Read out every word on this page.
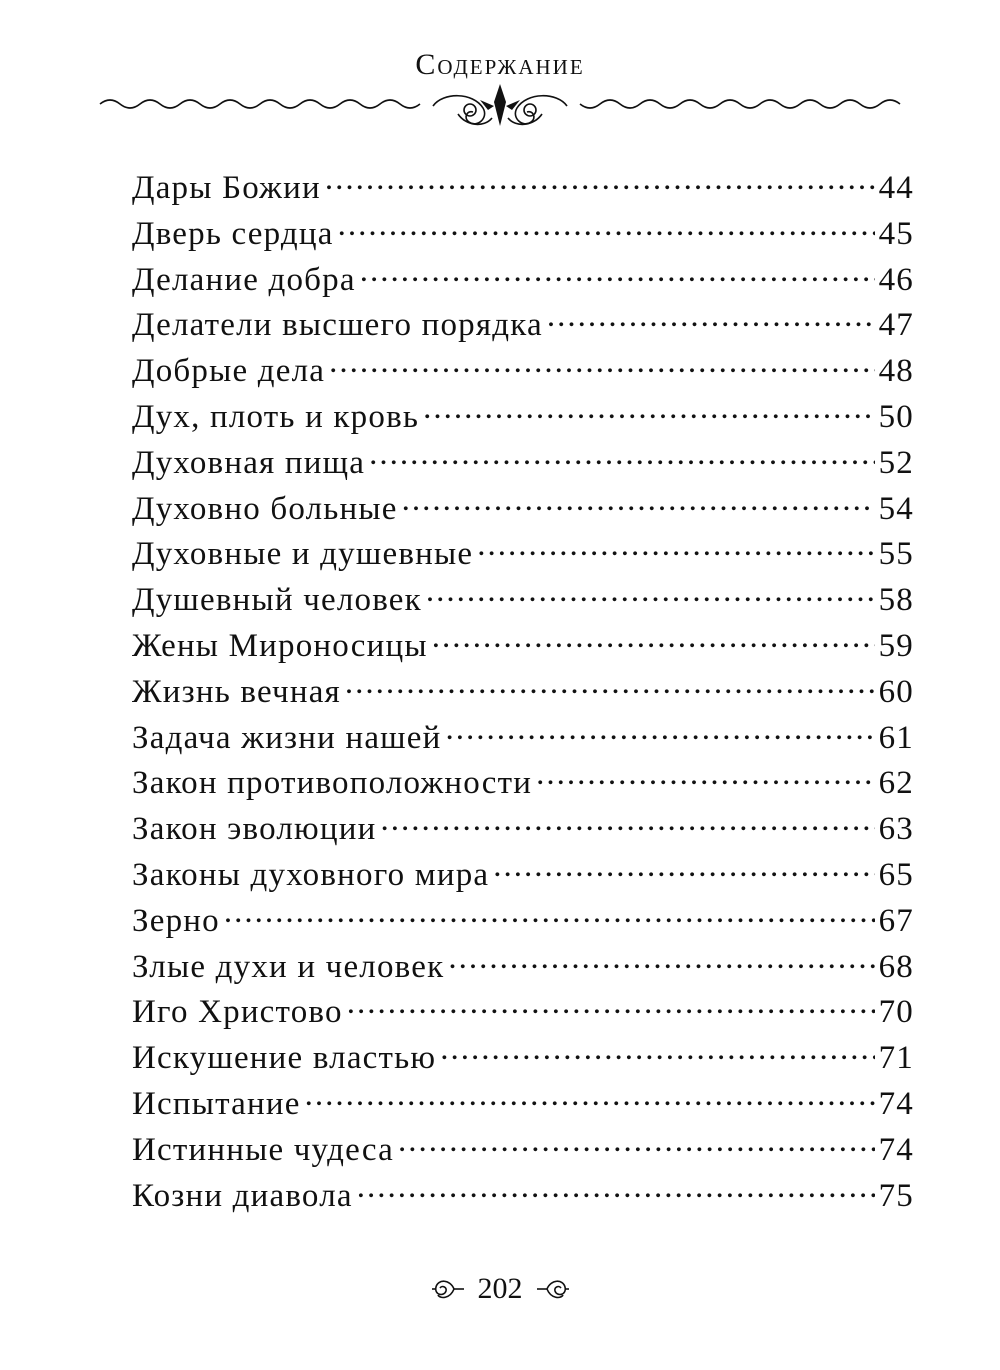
Содержание
Дары Божии .....	44
Дверь сердца .....	45
Делание добра .....	46
Делатели высшего порядка .....	47
Добрые дела .....	48
Дух, плоть и кровь .....	50
Духовная пища .....	52
Духовно больные .....	54
Духовные и душевные .....	55
Душевный человек .....	58
Жены Мироносицы .....	59
Жизнь вечная .....	60
Задача жизни нашей .....	61
Закон противоположности .....	62
Закон эволюции .....	63
Законы духовного мира .....	65
Зерно .....	67
Злые духи и человек .....	68
Иго Христово .....	70
Искушение властью .....	71
Испытание .....	74
Истинные чудеса .....	74
Козни диавола .....	75
202
